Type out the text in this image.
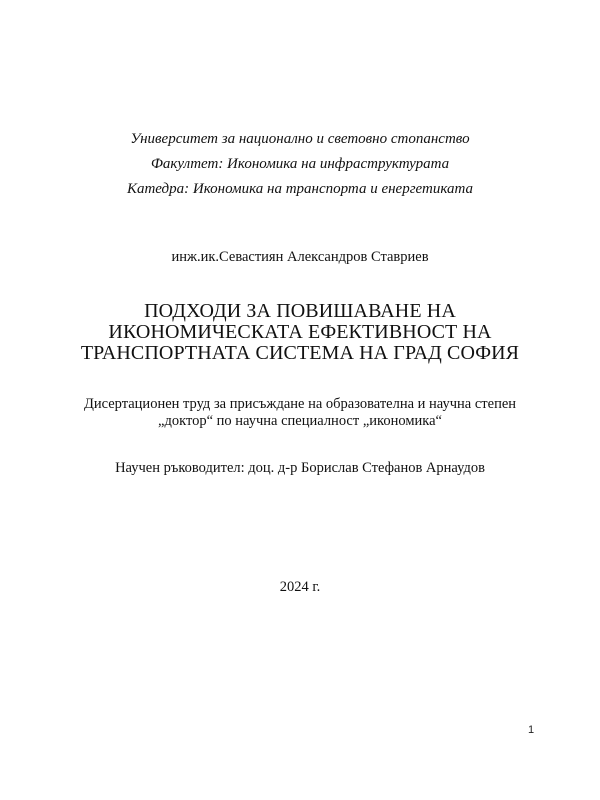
Университет за национално и световно стопанство
Факултет: Икономика на инфраструктурата
Катедра: Икономика на транспорта и енергетиката
инж.ик.Севастиян Александров Ставриев
ПОДХОДИ ЗА ПОВИШАВАНЕ НА
ИКОНОМИЧЕСКАТА ЕФЕКТИВНОСТ НА
ТРАНСПОРТНАТА СИСТЕМА НА ГРАД СОФИЯ
Дисертационен труд за присъждане на образователна и научна степен
„доктор“ по научна специалност „икономика“
Научен ръководител: доц. д-р Борислав Стефанов Арнаудов
2024 г.
1
